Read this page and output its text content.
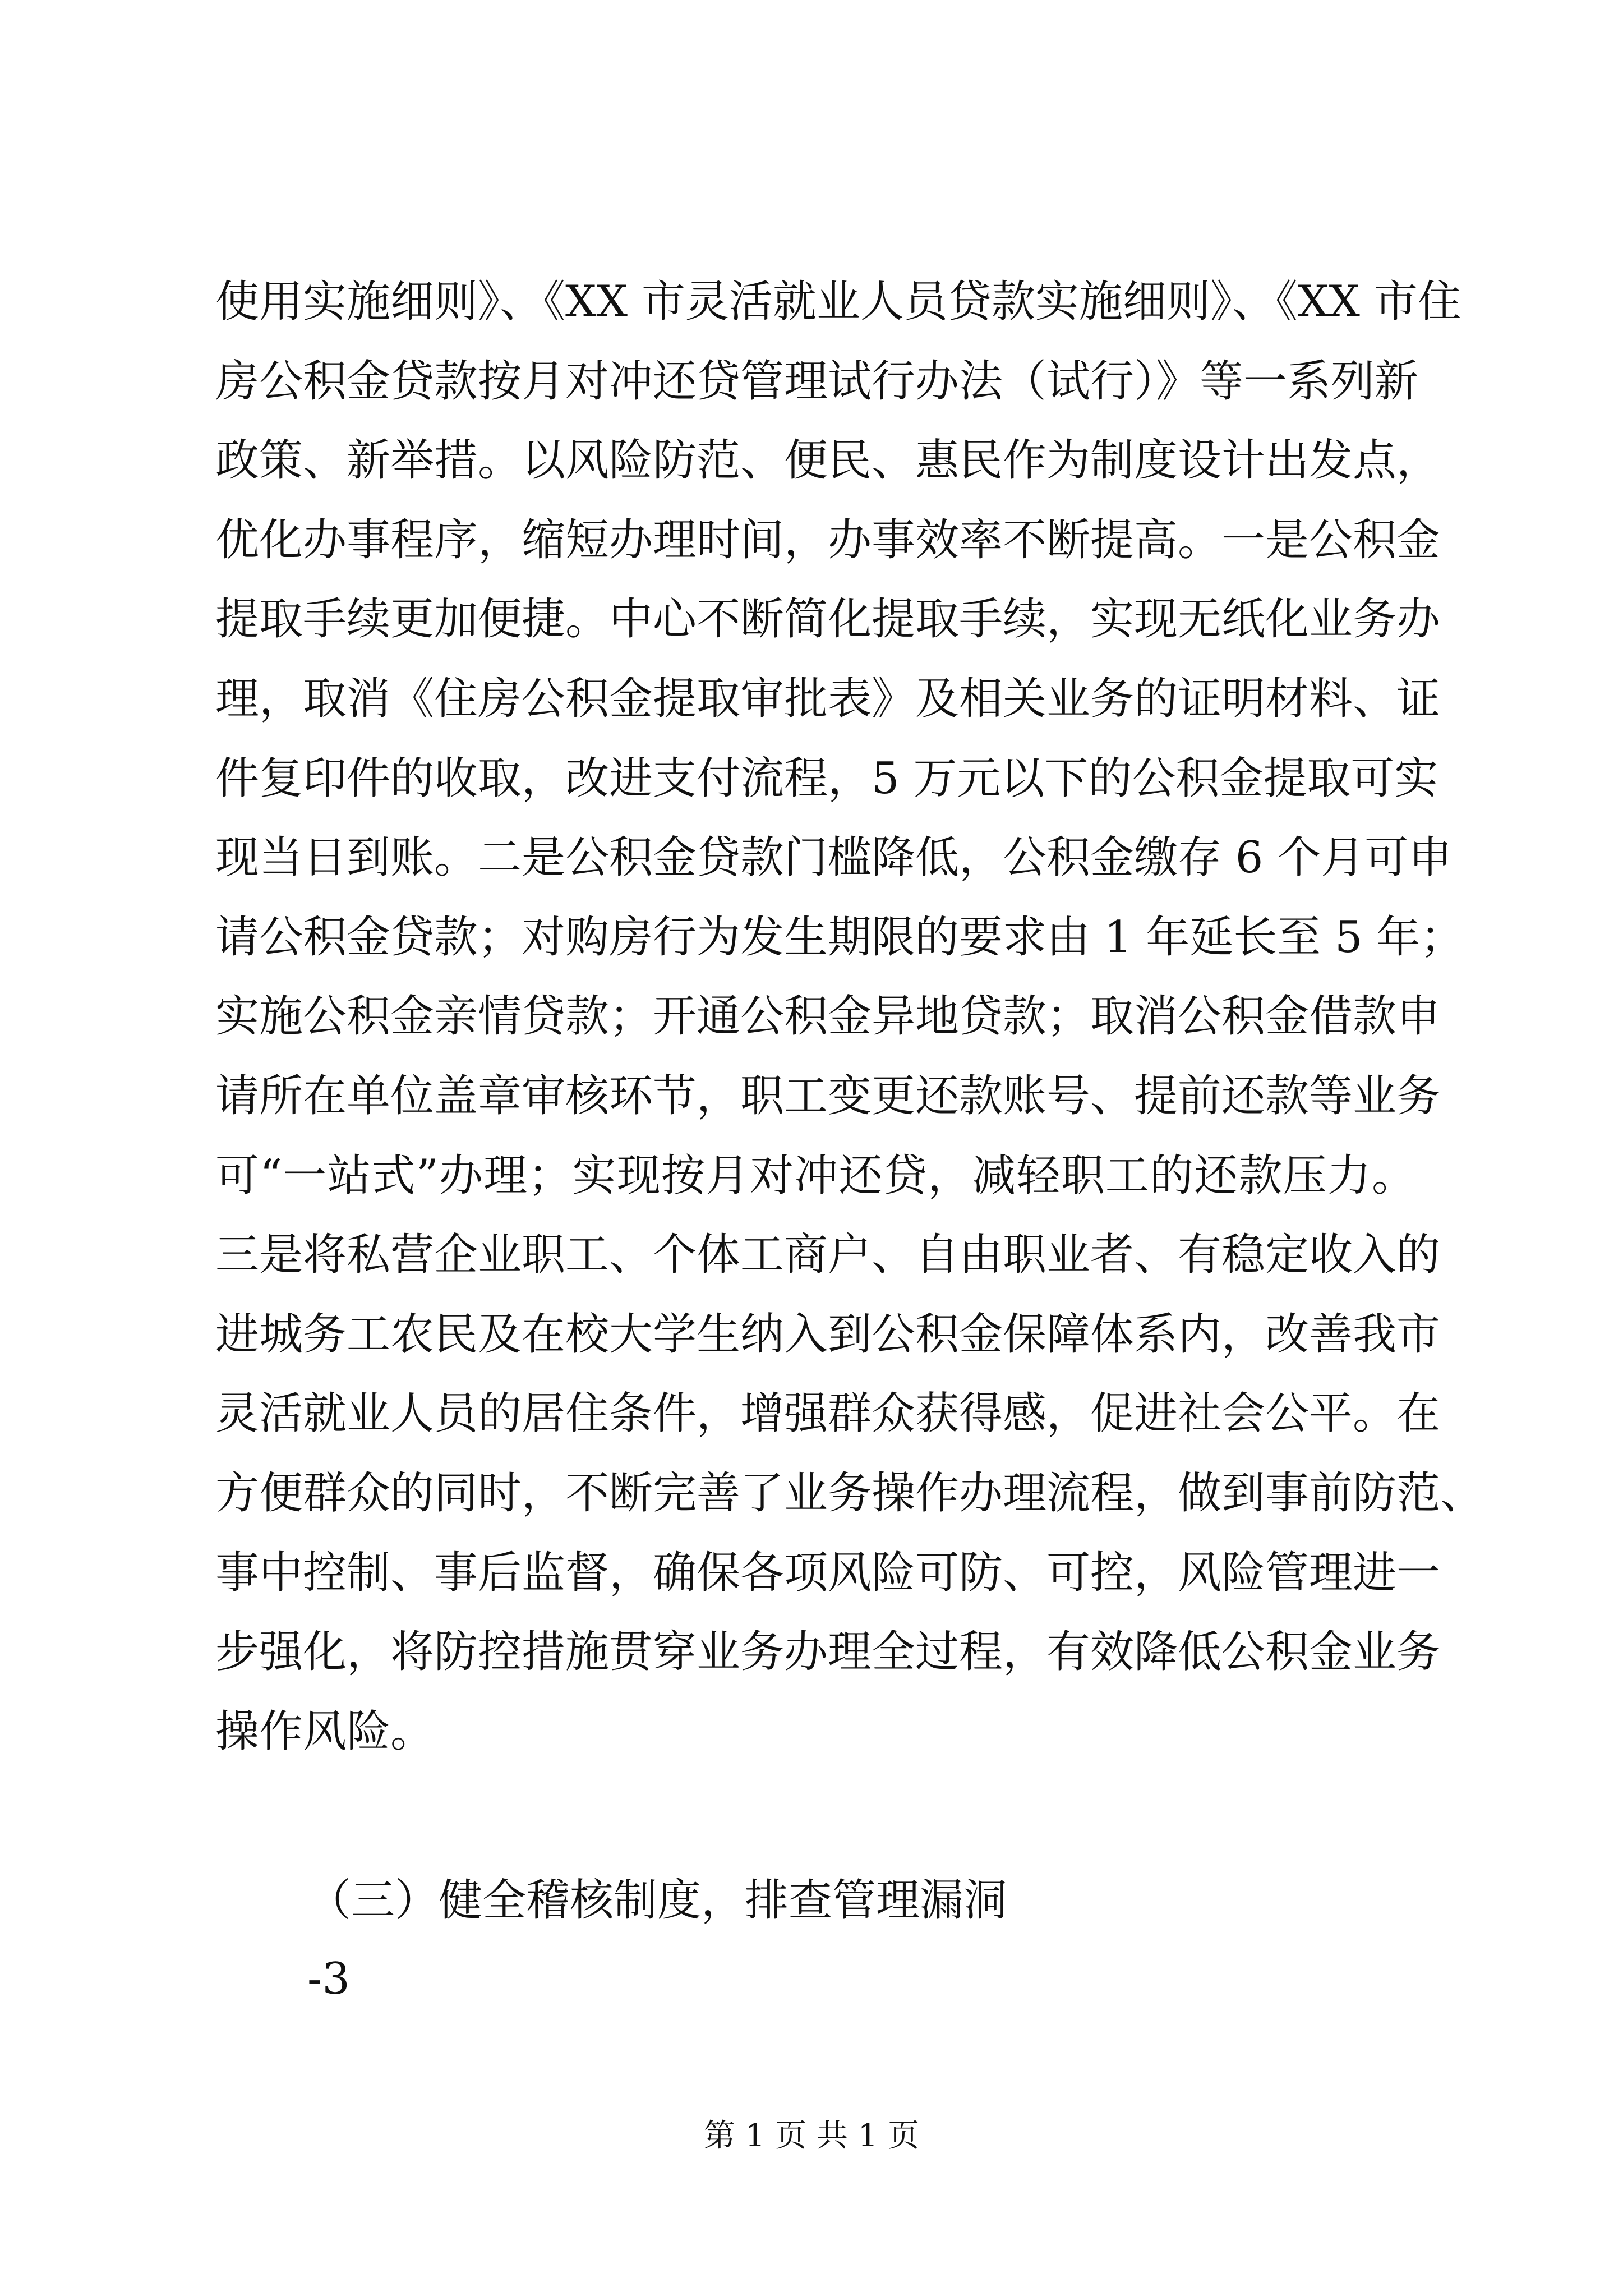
使用实施细则》、《XX 市灵活就业人员贷款实施细则》、《XX 市住
房公积金贷款按月对冲还贷管理试行办法（试行）》等一系列新
政策、新举措。以风险防范、便民、惠民作为制度设计出发点，
优化办事程序，缩短办理时间，办事效率不断提高。一是公积金
提取手续更加便捷。中心不断简化提取手续，实现无纸化业务办
理，取消《住房公积金提取审批表》及相关业务的证明材料、证
件复印件的收取，改进支付流程，5 万元以下的公积金提取可实
现当日到账。二是公积金贷款门槛降低，公积金缴存 6 个月可申
请公积金贷款；对购房行为发生期限的要求由 1 年延长至 5 年；
实施公积金亲情贷款；开通公积金异地贷款；取消公积金借款申
请所在单位盖章审核环节，职工变更还款账号、提前还款等业务
可“一站式”办理；实现按月对冲还贷，减轻职工的还款压力。
三是将私营企业职工、个体工商户、自由职业者、有稳定收入的
进城务工农民及在校大学生纳入到公积金保障体系内，改善我市
灵活就业人员的居住条件，增强群众获得感，促进社会公平。在
方便群众的同时，不断完善了业务操作办理流程，做到事前防范、
事中控制、事后监督，确保各项风险可防、可控，风险管理进一
步强化，将防控措施贯穿业务办理全过程，有效降低公积金业务
操作风险。
（三）健全稽核制度，排查管理漏洞
-3
第 1 页 共 1 页
